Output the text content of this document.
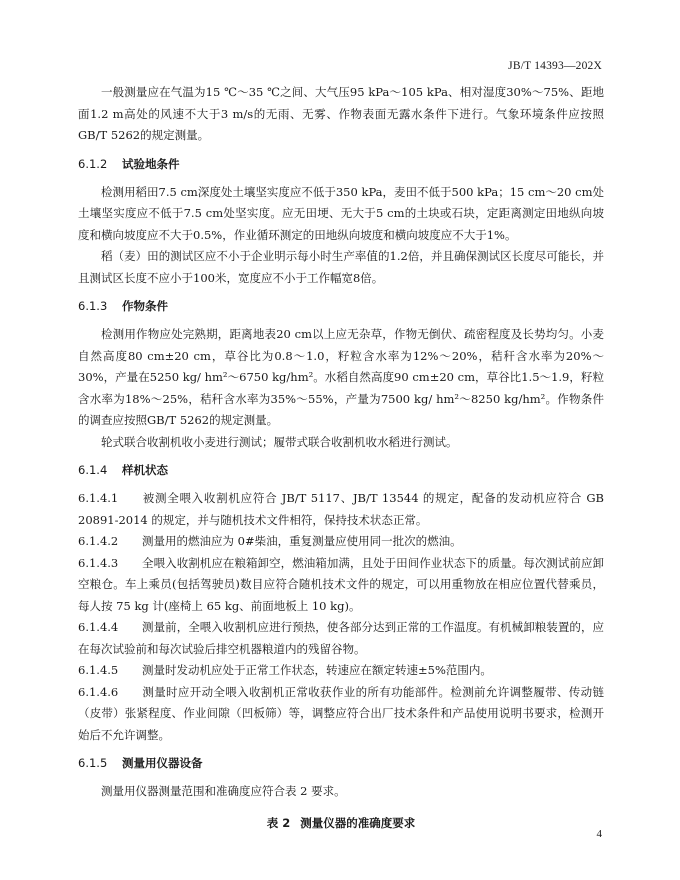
JB/T 14393—202X

一般测量应在气温为15 ℃～35 ℃之间、大气压95 kPa～105 kPa、相对湿度30%～75%、距地面1.2 m高处的风速不大于3 m/s的无雨、无雾、作物表面无露水条件下进行。气象环境条件应按照GB/T 5262的规定测量。

6.1.2 试验地条件

检测用稻田7.5 cm深度处土壤坚实度应不低于350 kPa，麦田不低于500 kPa；15 cm～20 cm处土壤坚实度应不低于7.5 cm处坚实度。应无田埂、无大于5 cm的土块或石块，定距离测定田地纵向坡度和横向坡度应不大于0.5%，作业循环测定的田地纵向坡度和横向坡度应不大于1%。

稻（麦）田的测试区应不小于企业明示每小时生产率值的1.2倍，并且确保测试区长度尽可能长，并且测试区长度不应小于100米，宽度应不小于工作幅宽8倍。

6.1.3 作物条件

检测用作物应处完熟期，距离地表20 cm以上应无杂草，作物无倒伏、疏密程度及长势均匀。小麦自然高度80 cm±20 cm，草谷比为0.8～1.0，籽粒含水率为12%～20%，秸秆含水率为20%～30%，产量在5250 kg/ hm²～6750 kg/hm²。水稻自然高度90 cm±20 cm，草谷比1.5～1.9，籽粒含水率为18%～25%，秸秆含水率为35%～55%，产量为7500 kg/ hm²～8250 kg/hm²。作物条件的调查应按照GB/T 5262的规定测量。

轮式联合收割机收小麦进行测试；履带式联合收割机收水稻进行测试。

6.1.4 样机状态

6.1.4.1 被测全喂入收割机应符合 JB/T 5117、JB/T 13544 的规定，配备的发动机应符合 GB 20891-2014 的规定，并与随机技术文件相符，保持技术状态正常。

6.1.4.2 测量用的燃油应为 0#柴油，重复测量应使用同一批次的燃油。

6.1.4.3 全喂入收割机应在粮箱卸空，燃油箱加满，且处于田间作业状态下的质量。每次测试前应卸空粮仓。车上乘员(包括驾驶员)数目应符合随机技术文件的规定，可以用重物放在相应位置代替乘员，每人按 75 kg 计(座椅上 65 kg、前面地板上 10 kg)。

6.1.4.4 测量前，全喂入收割机应进行预热，使各部分达到正常的工作温度。有机械卸粮装置的，应在每次试验前和每次试验后排空机器粮道内的残留谷物。

6.1.4.5 测量时发动机应处于正常工作状态，转速应在额定转速±5%范围内。

6.1.4.6 测量时应开动全喂入收割机正常收获作业的所有功能部件。检测前允许调整履带、传动链（皮带）张紧程度、作业间隙（凹板筛）等，调整应符合出厂技术条件和产品使用说明书要求，检测开始后不允许调整。

6.1.5 测量用仪器设备

测量用仪器测量范围和准确度应符合表 2 要求。

表 2 测量仪器的准确度要求
4
